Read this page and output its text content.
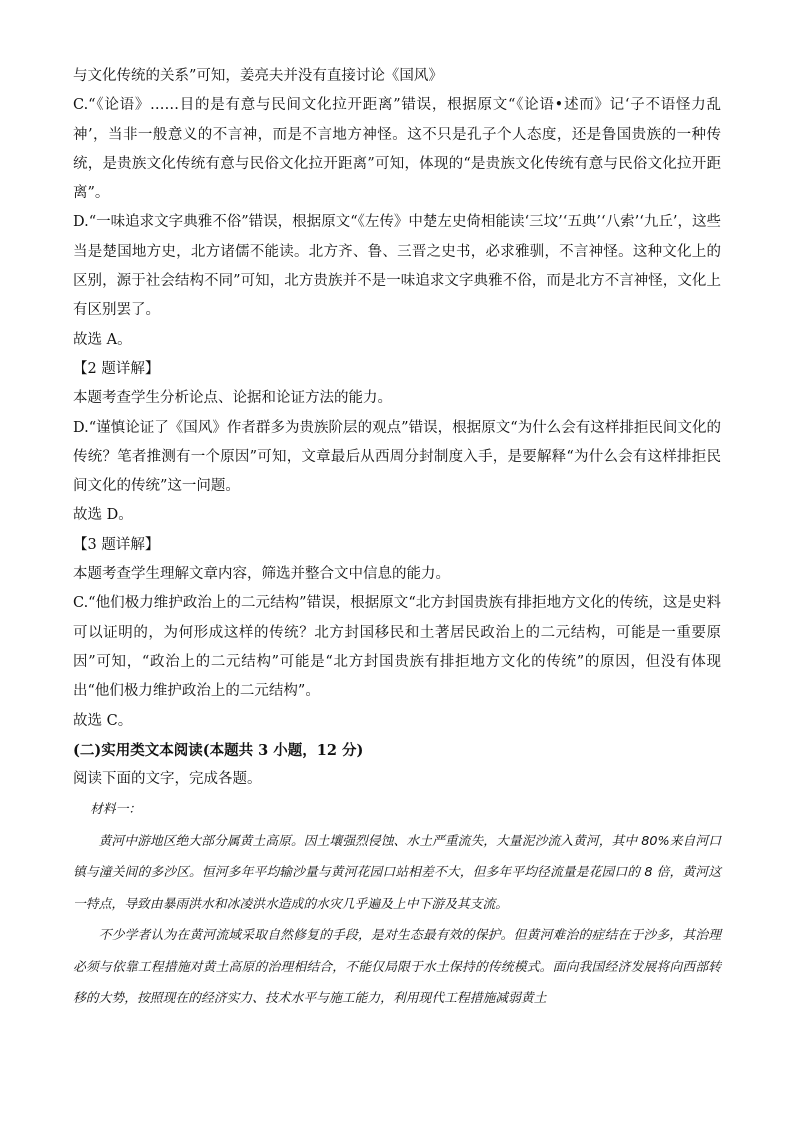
与文化传统的关系”可知，姜亮夫并没有直接讨论《国风》

C.“《论语》……目的是有意与民间文化拉开距离”错误，根据原文“《论语•述而》记‘子不语怪力乱神’，当非一般意义的不言神，而是不言地方神怪。这不只是孔子个人态度，还是鲁国贵族的一种传统，是贵族文化传统有意与民俗文化拉开距离”可知，体现的“是贵族文化传统有意与民俗文化拉开距离”。

D.“一味追求文字典雅不俗”错误，根据原文“《左传》中楚左史倚相能读‘三坟’‘五典’‘八索’‘九丘’，这些当是楚国地方史，北方诸儒不能读。北方齐、鲁、三晋之史书，必求雅驯，不言神怪。这种文化上的区别，源于社会结构不同”可知，北方贵族并不是一味追求文字典雅不俗，而是北方不言神怪，文化上有区别罢了。

故选 A。

【2 题详解】

本题考查学生分析论点、论据和论证方法的能力。

D.“谨慎论证了《国风》作者群多为贵族阶层的观点”错误，根据原文“为什么会有这样排拒民间文化的传统？笔者推测有一个原因”可知，文章最后从西周分封制度入手，是要解释“为什么会有这样排拒民间文化的传统”这一问题。

故选 D。

【3 题详解】

本题考查学生理解文章内容，筛选并整合文中信息的能力。

C.“他们极力维护政治上的二元结构”错误，根据原文“北方封国贵族有排拒地方文化的传统，这是史料可以证明的，为何形成这样的传统？北方封国移民和土著居民政治上的二元结构，可能是一重要原因”可知，“政治上的二元结构”可能是“北方封国贵族有排拒地方文化的传统”的原因，但没有体现出“他们极力维护政治上的二元结构”。

故选 C。

(二)实用类文本阅读(本题共 3 小题，12 分)

阅读下面的文字，完成各题。

材料一：

黄河中游地区绝大部分属黄土高原。因土壤强烈侵蚀、水土严重流失，大量泥沙流入黄河，其中 80%来自河口镇与潼关间的多沙区。恒河多年平均输沙量与黄河花园口站相差不大，但多年平均径流量是花园口的 8 倍，黄河这一特点，导致由暴雨洪水和冰凌洪水造成的水灾几乎遍及上中下游及其支流。

不少学者认为在黄河流域采取自然修复的手段，是对生态最有效的保护。但黄河难治的症结在于沙多，其治理必须与依靠工程措施对黄土高原的治理相结合，不能仅局限于水土保持的传统模式。面向我国经济发展将向西部转移的大势，按照现在的经济实力、技术水平与施工能力，利用现代工程措施减弱黄土
